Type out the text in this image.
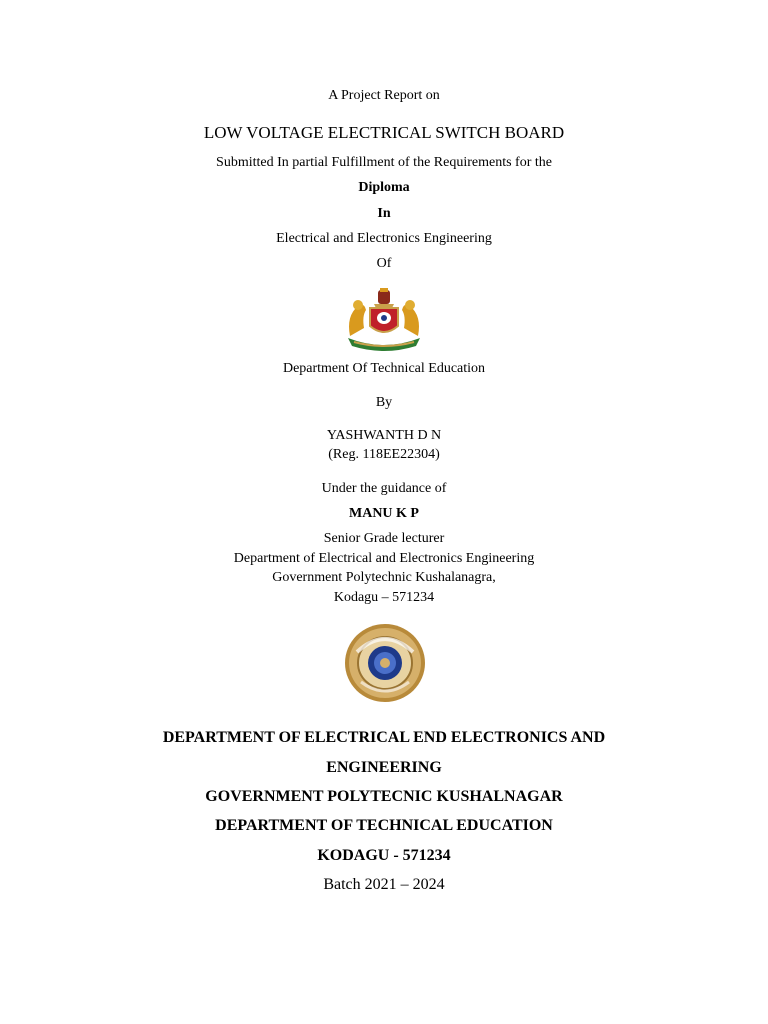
A Project Report on
LOW VOLTAGE ELECTRICAL SWITCH BOARD
Submitted In partial Fulfillment of the Requirements for the
Diploma
In
Electrical and Electronics Engineering
Of
Department Of Technical Education
By
YASHWANTH D N
(Reg. 118EE22304)
Under the guidance of
MANU K P
Senior Grade lecturer
Department of Electrical and Electronics Engineering
Government Polytechnic Kushalanagra,
Kodagu – 571234
DEPARTMENT OF ELECTRICAL END ELECTRONICS AND
ENGINEERING
GOVERNMENT POLYTECNIC KUSHALNAGAR
DEPARTMENT OF TECHNICAL EDUCATION
KODAGU - 571234
Batch 2021 – 2024
